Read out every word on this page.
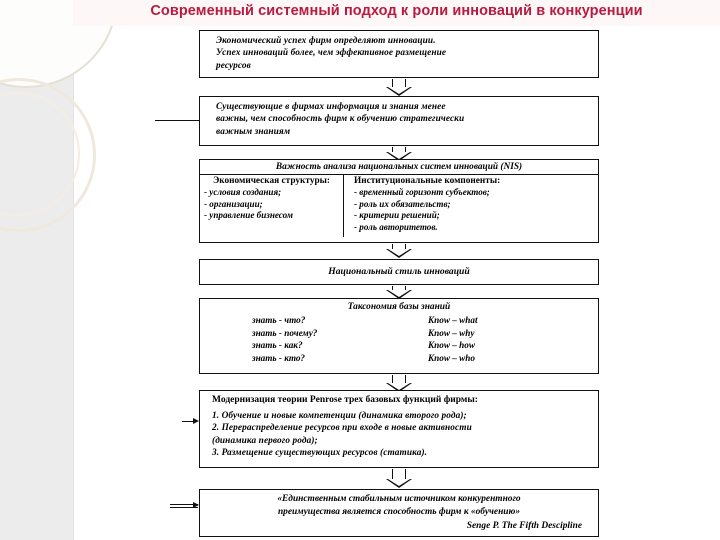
Современный системный подход к роли инноваций в конкуренции
Экономический успех фирм определяют инновации.
Успех инноваций более, чем эффективное размещение
ресурсов
Существующие в фирмах информация и знания менее
важны, чем способность фирм к обучению стратегически
важным знаниям
Важность анализа национальных систем инноваций (NIS)
Экономическая структуры:
- условия создания;
- организации;
- управление бизнесом
Институциональные компоненты:
- временный горизонт субъектов;
- роль их обязательств;
- критерии решений;
- роль авторитетов.
Национальный стиль инноваций
Таксономия базы знаний
знать - что?	Know – what
знать - почему?	Know – why
знать - как?	Know – how
знать - кто?	Know – who
Модернизация теории Penrose трех базовых функций фирмы:
1. Обучение и новые компетенции (динамика второго рода);
2. Перераспределение ресурсов при входе в новые активности
(динамика первого рода);
3. Размещение существующих ресурсов (статика).
«Единственным стабильным источником конкурентного
преимущества является способность фирм к «обучению»
Senge P. The Fifth Descipline
